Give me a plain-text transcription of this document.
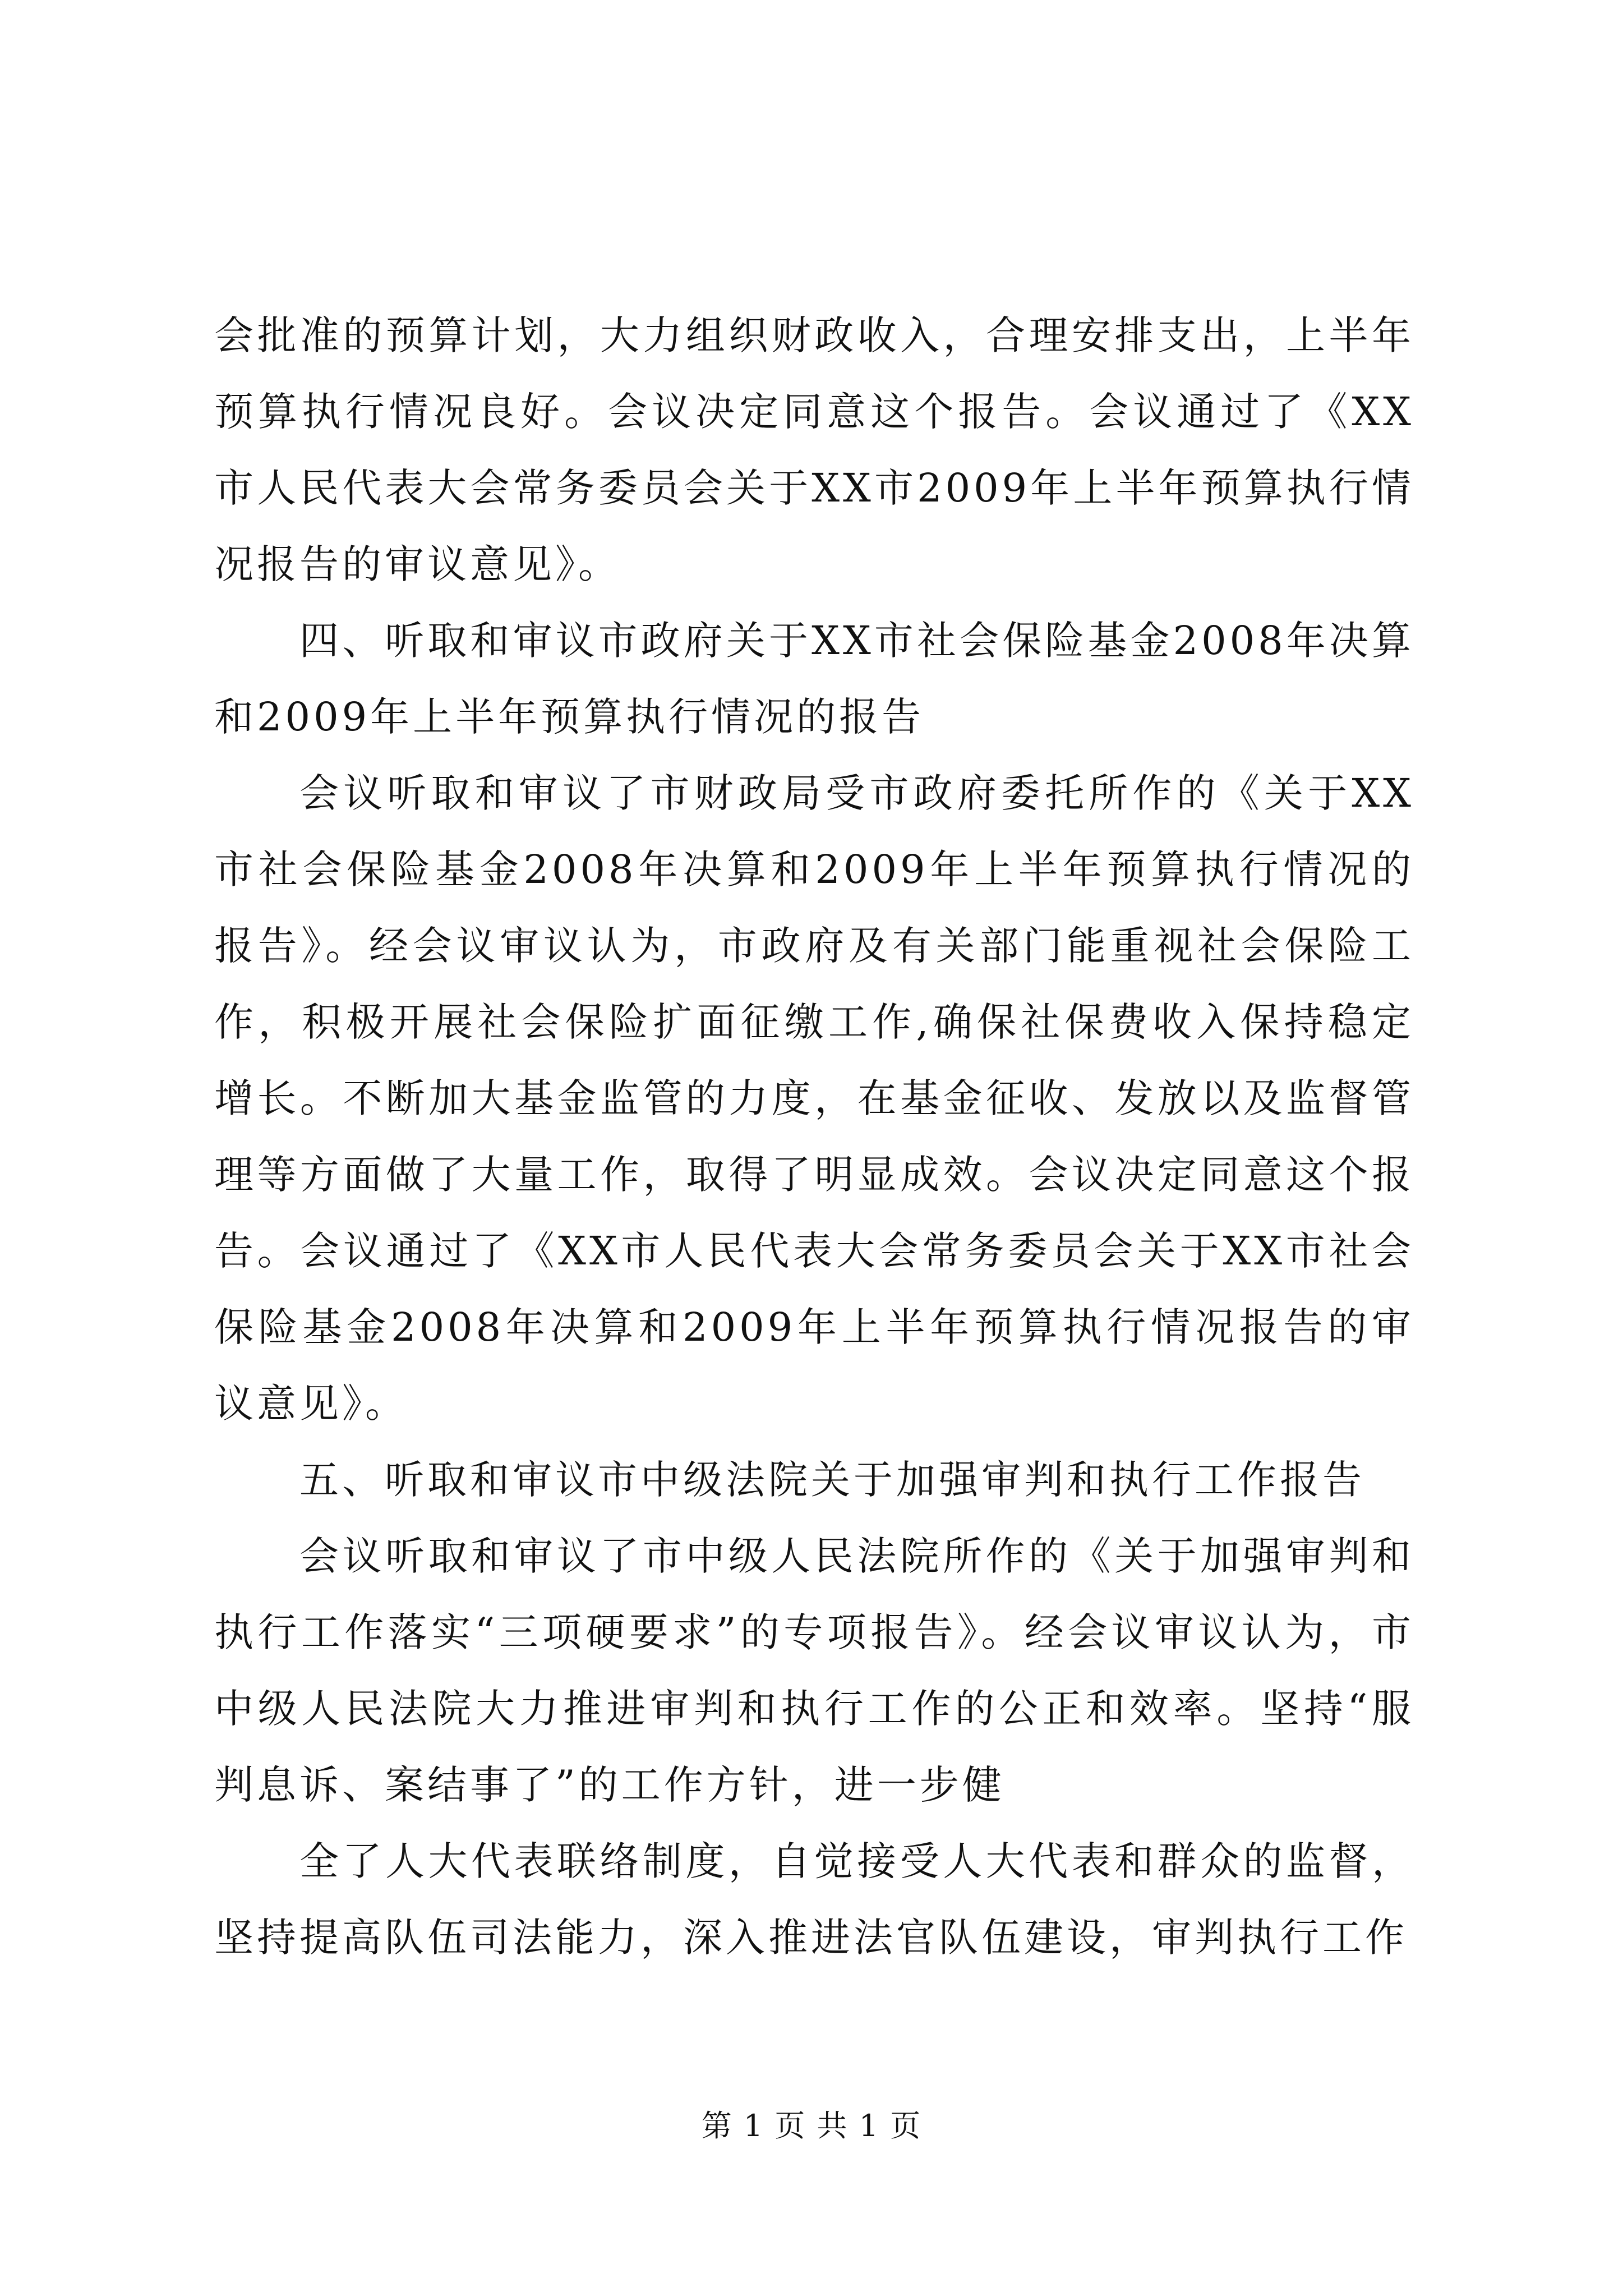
会批准的预算计划，大力组织财政收入，合理安排支出，上半年预算执行情况良好。会议决定同意这个报告。会议通过了《XX市人民代表大会常务委员会关于XX市2009年上半年预算执行情况报告的审议意见》。

四、听取和审议市政府关于XX市社会保险基金2008年决算和2009年上半年预算执行情况的报告

会议听取和审议了市财政局受市政府委托所作的《关于XX市社会保险基金2008年决算和2009年上半年预算执行情况的报告》。经会议审议认为，市政府及有关部门能重视社会保险工作，积极开展社会保险扩面征缴工作,确保社保费收入保持稳定增长。不断加大基金监管的力度，在基金征收、发放以及监督管理等方面做了大量工作，取得了明显成效。会议决定同意这个报告。会议通过了《XX市人民代表大会常务委员会关于XX市社会保险基金2008年决算和2009年上半年预算执行情况报告的审议意见》。

五、听取和审议市中级法院关于加强审判和执行工作报告

会议听取和审议了市中级人民法院所作的《关于加强审判和执行工作落实“三项硬要求”的专项报告》。经会议审议认为，市中级人民法院大力推进审判和执行工作的公正和效率。坚持“服判息诉、案结事了”的工作方针，进一步健

全了人大代表联络制度，自觉接受人大代表和群众的监督，坚持提高队伍司法能力，深入推进法官队伍建设，审判执行工作

第 1 页 共 1 页
